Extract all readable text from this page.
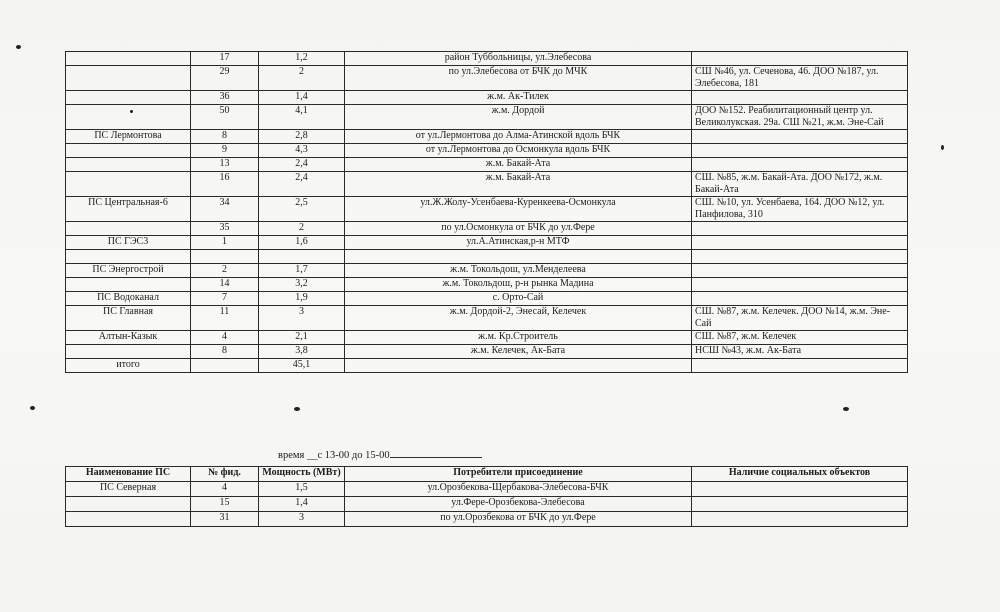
	17	1,2	район Туббольницы, ул.Элебесова	
	29	2	по ул.Элебесова от БЧК до МЧК	СШ №46, ул. Сеченова, 46. ДОО №187, ул. Элебесова, 181
	36	1,4	ж.м. Ак-Тилек	
	50	4,1	ж.м. Дордой	ДОО №152. Реабилитационный центр ул. Великолукская. 29а. СШ №21, ж.м. Эне-Сай
ПС Лермонтова	8	2,8	от ул.Лермонтова до Алма-Атинской вдоль БЧК	
	9	4,3	от ул.Лермонтова до Осмонкула вдоль БЧК	
	13	2,4	ж.м. Бакай-Ата	
	16	2,4	ж.м. Бакай-Ата	СШ. №85, ж.м. Бакай-Ата. ДОО №172, ж.м. Бакай-Ата
ПС Центральная-6	34	2,5	ул.Ж.Жолу-Усенбаева-Куренкеева-Осмонкула	СШ. №10, ул. Усенбаева, 164. ДОО №12, ул. Панфилова, 310
	35	2	по ул.Осмонкула от БЧК до ул.Фере	
ПС ГЭС3	1	1,6	ул.А.Атинская,р-н МТФ	

ПС Энергострой	2	1,7	ж.м. Токольдош, ул.Менделеева	
	14	3,2	ж.м. Токольдош, р-н рынка Мадина	
ПС Водоканал	7	1,9	с. Орто-Сай	
ПС Главная	11	3	ж.м. Дордой-2, Энесай, Келечек	СШ. №87, ж.м. Келечек. ДОО №14, ж.м. Эне-Сай
Алтын-Казык	4	2,1	ж.м. Кр.Строитель	СШ. №87, ж.м. Келечек
	8	3,8	ж.м. Келечек, Ак-Бата	НСШ №43, ж.м. Ак-Бата
итого		45,1		
время __с 13-00 до 15-00
Наименование ПС	№ фид.	Мощность (МВт)	Потребители присоединение	Наличие социальных объектов
ПС Северная	4	1,5	ул.Орозбекова-Щербакова-Элебесова-БЧК	
	15	1,4	ул.Фере-Орозбекова-Элебесова	
	31	3	по ул.Орозбекова от БЧК до ул.Фере	
